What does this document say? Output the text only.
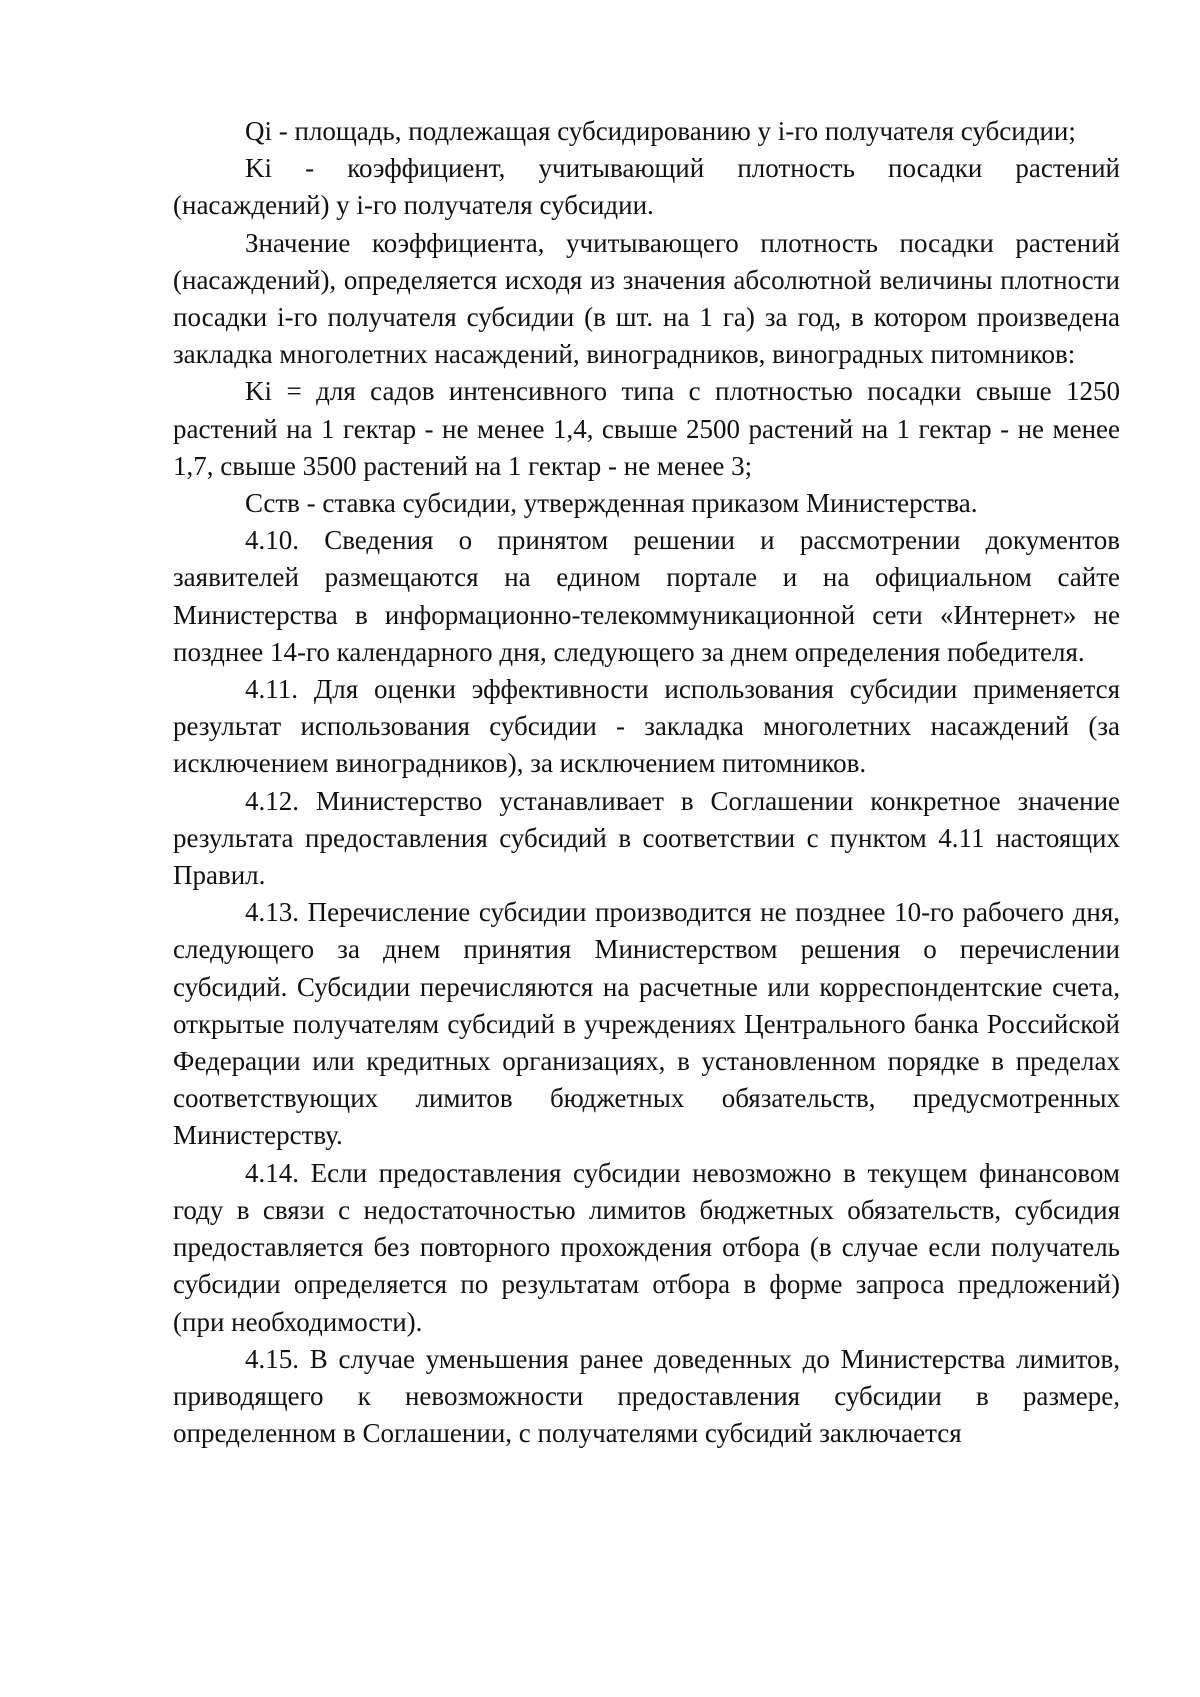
Qi - площадь, подлежащая субсидированию у i-го получателя субсидии;

Ki - коэффициент, учитывающий плотность посадки растений (насаждений) у i-го получателя субсидии.

Значение коэффициента, учитывающего плотность посадки растений (насаждений), определяется исходя из значения абсолютной величины плотности посадки i-го получателя субсидии (в шт. на 1 га) за год, в котором произведена закладка многолетних насаждений, виноградников, виноградных питомников:

Ki = для садов интенсивного типа с плотностью посадки свыше 1250 растений на 1 гектар - не менее 1,4, свыше 2500 растений на 1 гектар - не менее 1,7, свыше 3500 растений на 1 гектар - не менее 3;

Сств - ставка субсидии, утвержденная приказом Министерства.

4.10. Сведения о принятом решении и рассмотрении документов заявителей размещаются на едином портале и на официальном сайте Министерства в информационно-телекоммуникационной сети «Интернет» не позднее 14-го календарного дня, следующего за днем определения победителя.

4.11. Для оценки эффективности использования субсидии применяется результат использования субсидии - закладка многолетних насаждений (за исключением виноградников), за исключением питомников.

4.12. Министерство устанавливает в Соглашении конкретное значение результата предоставления субсидий в соответствии с пунктом 4.11 настоящих Правил.

4.13. Перечисление субсидии производится не позднее 10-го рабочего дня, следующего за днем принятия Министерством решения о перечислении субсидий. Субсидии перечисляются на расчетные или корреспондентские счета, открытые получателям субсидий в учреждениях Центрального банка Российской Федерации или кредитных организациях, в установленном порядке в пределах соответствующих лимитов бюджетных обязательств, предусмотренных Министерству.

4.14. Если предоставления субсидии невозможно в текущем финансовом году в связи с недостаточностью лимитов бюджетных обязательств, субсидия предоставляется без повторного прохождения отбора (в случае если получатель субсидии определяется по результатам отбора в форме запроса предложений) (при необходимости).

4.15. В случае уменьшения ранее доведенных до Министерства лимитов, приводящего к невозможности предоставления субсидии в размере, определенном в Соглашении, с получателями субсидий заключается
